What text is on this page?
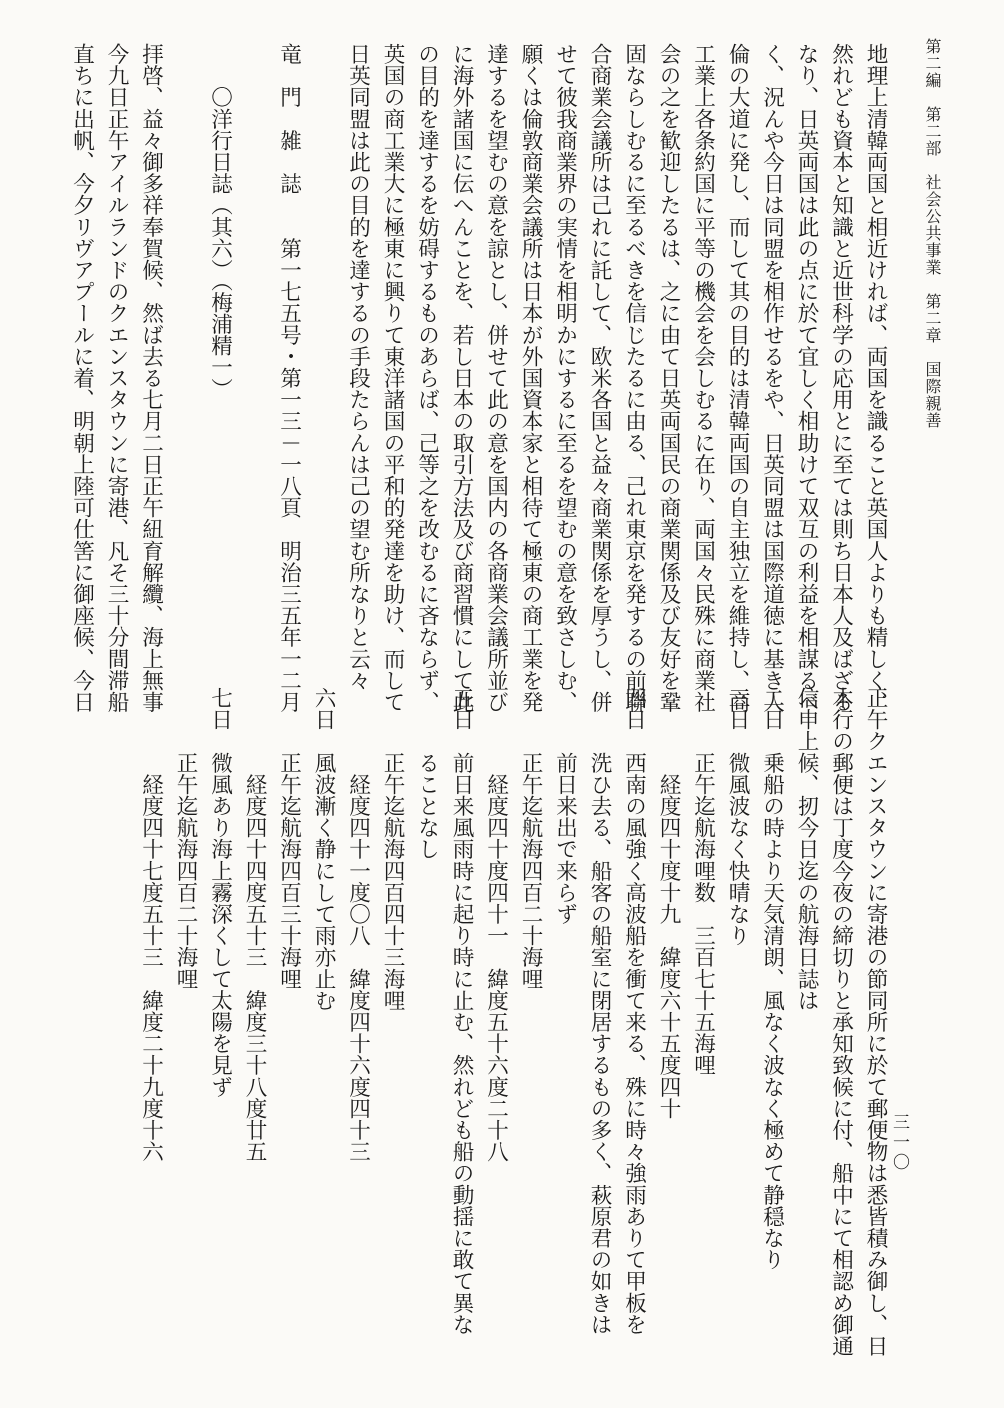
第二編　第二部　社会公共事業　第二章　国際親善
三一〇
地理上清韓両国と相近ければ、両国を識ること英国人よりも精しく、
然れども資本と知識と近世科学の応用とに至ては則ち日本人及ばざる
なり、日英両国は此の点に於て宜しく相助けて双互の利益を相謀るべ
く、況んや今日は同盟を相作せるをや、日英同盟は国際道徳に基き人
倫の大道に発し、而して其の目的は清韓両国の自主独立を維持し、商
工業上各条約国に平等の機会を会しむるに在り、両国々民殊に商業社
会の之を歓迎したるは、之に由て日英両国民の商業関係及び友好を鞏
固ならしむるに至るべきを信じたるに由る、己れ東京を発するの前聯
合商業会議所は己れに託して、欧米各国と益々商業関係を厚うし、併
せて彼我商業界の実情を相明かにするに至るを望むの意を致さしむ、
願くは倫敦商業会議所は日本が外国資本家と相待て極東の商工業を発
達するを望むの意を諒とし、併せて此の意を国内の各商業会議所並び
に海外諸国に伝へんことを、若し日本の取引方法及び商習慣にして此
の目的を達するを妨碍するものあらば、己等之を改むるに吝ならず、
英国の商工業大に極東に興りて東洋諸国の平和的発達を助け、而して
日英同盟は此の目的を達するの手段たらんは己の望む所なりと云々

竜　門　雑　誌　　第一七五号・第一三－一八頁　明治三五年一二月

　　〇洋行日誌（其六）（梅浦精一）

拝啓、益々御多祥奉賀候、然ば去る七月二日正午紐育解纜、海上無事
今九日正午アイルランドのクエンスタウンに寄港、凡そ三十分間滞船
直ちに出帆、今夕リヴアプールに着、明朝上陸可仕筈に御座候、今日
正午クエンスタウンに寄港の節同所に於て郵便物は悉皆積み御し、日
本行の郵便は丁度今夜の締切りと承知致候に付、船中にて相認め御通
信申上候、扨今日迄の航海日誌は
二日　乗船の時より天気清朗、風なく波なく極めて静穏なり
三日　微風波なく快晴なり
　　　正午迄航海哩数　三百七十五海哩
　　　　経度四十度十九　緯度六十五度四十
四日　西南の風強く高波船を衝て来る、殊に時々強雨ありて甲板を
　　　洗ひ去る、船客の船室に閉居するもの多く、萩原君の如きは
　　　前日来出で来らず
　　　正午迄航海四百二十海哩
　　　　経度四十度四十一　緯度五十六度二十八
五日　前日来風雨時に起り時に止む、然れども船の動揺に敢て異な
　　　ることなし
　　　正午迄航海四百四十三海哩
　　　　経度四十一度〇八　緯度四十六度四十三
六日　風波漸く静にして雨亦止む
　　　正午迄航海四百三十海哩
　　　　経度四十四度五十三　緯度三十八度廿五
七日　微風あり海上霧深くして太陽を見ず
　　　正午迄航海四百二十海哩
　　　　経度四十七度五十三　緯度二十九度十六
